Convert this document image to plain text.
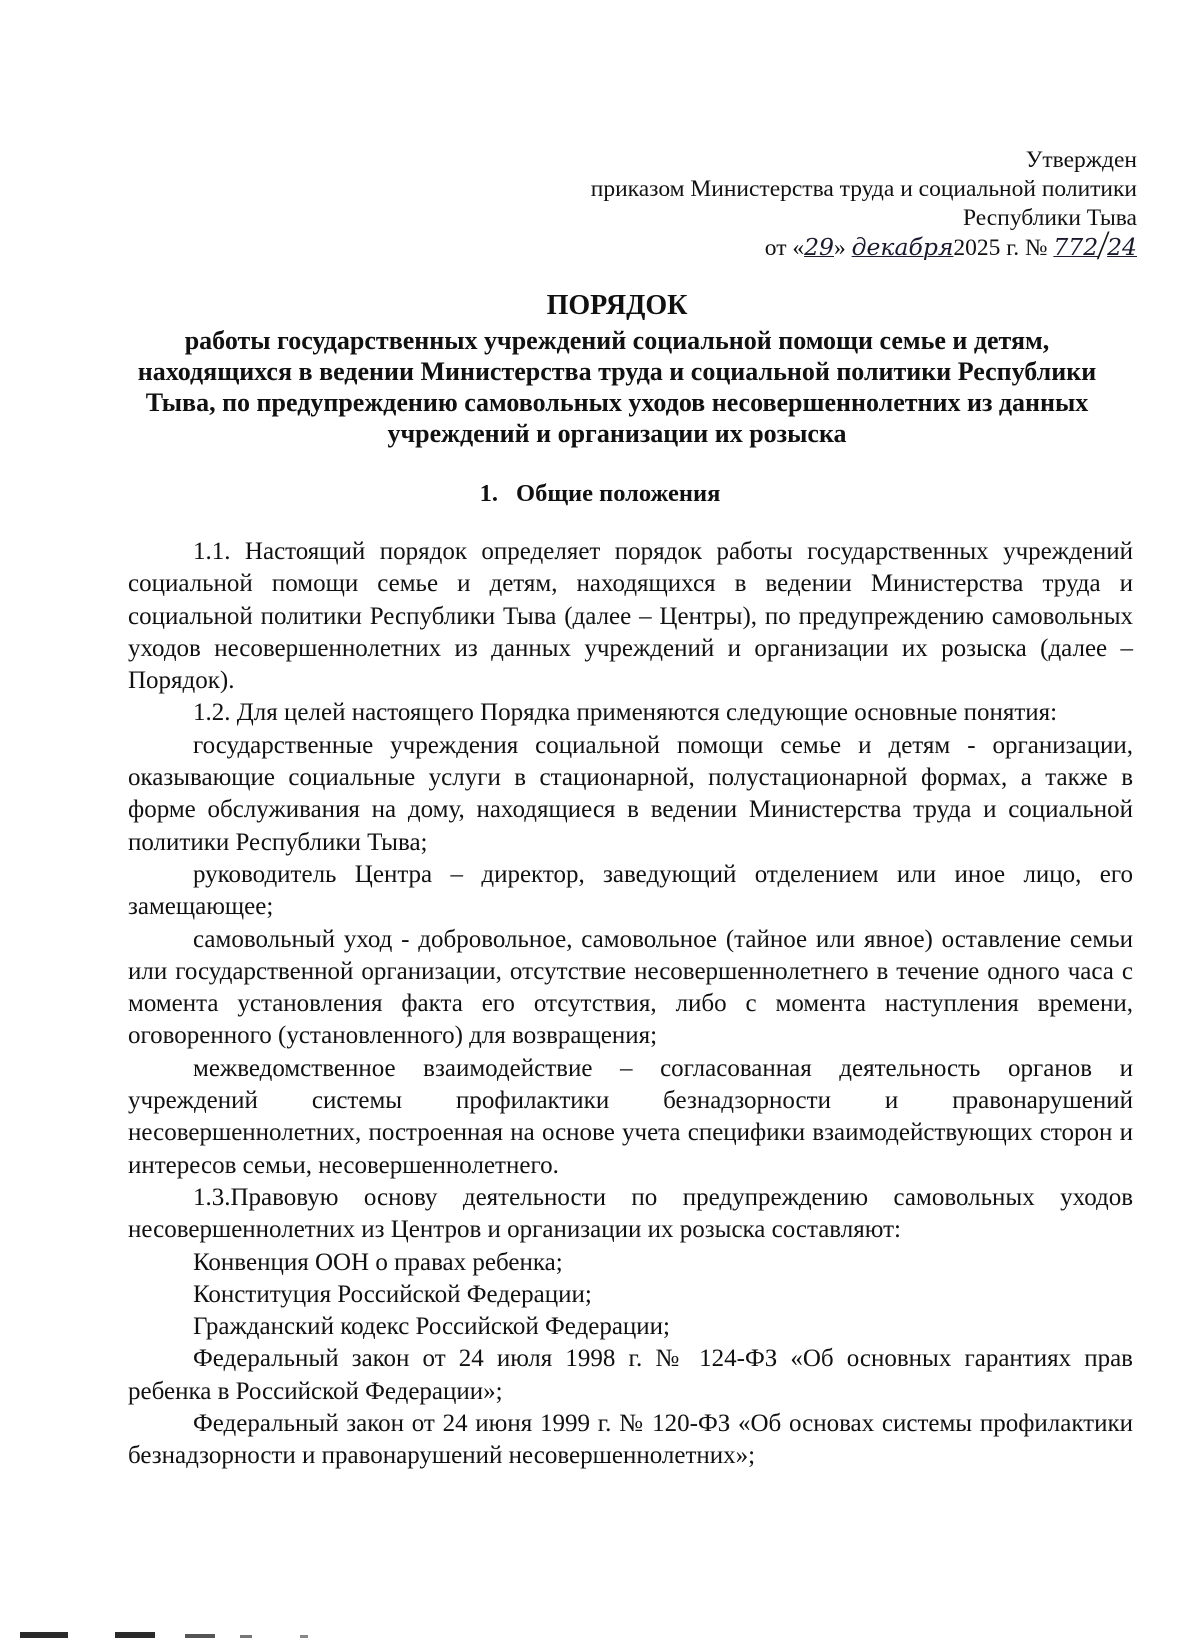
Утвержден
приказом Министерства труда и социальной политики
Республики Тыва
от «29» декабря2025 г. № 772/24
ПОРЯДОК
работы государственных учреждений социальной помощи семье и детям,
находящихся в ведении Министерства труда и социальной политики Республики
Тыва, по предупреждению самовольных уходов несовершеннолетних из данных
учреждений и организации их розыска
1. Общие положения

1.1. Настоящий порядок определяет порядок работы государственных учреждений социальной помощи семье и детям, находящихся в ведении Министерства труда и социальной политики Республики Тыва (далее – Центры), по предупреждению самовольных уходов несовершеннолетних из данных учреждений и организации их розыска (далее – Порядок).

1.2. Для целей настоящего Порядка применяются следующие основные понятия:

государственные учреждения социальной помощи семье и детям - организации, оказывающие социальные услуги в стационарной, полустационарной формах, а также в форме обслуживания на дому, находящиеся в ведении Министерства труда и социальной политики Республики Тыва;

руководитель Центра – директор, заведующий отделением или иное лицо, его замещающее;

самовольный уход - добровольное, самовольное (тайное или явное) оставление семьи или государственной организации, отсутствие несовершеннолетнего в течение одного часа с момента установления факта его отсутствия, либо с момента наступления времени, оговоренного (установленного) для возвращения;

межведомственное взаимодействие – согласованная деятельность органов и учреждений системы профилактики безнадзорности и правонарушений несовершеннолетних, построенная на основе учета специфики взаимодействующих сторон и интересов семьи, несовершеннолетнего.

1.3.Правовую основу деятельности по предупреждению самовольных уходов несовершеннолетних из Центров и организации их розыска составляют:

Конвенция ООН о правах ребенка;

Конституция Российской Федерации;

Гражданский кодекс Российской Федерации;

Федеральный закон от 24 июля 1998 г. № 124-ФЗ «Об основных гарантиях прав ребенка в Российской Федерации»;

Федеральный закон от 24 июня 1999 г. № 120-ФЗ «Об основах системы профилактики безнадзорности и правонарушений несовершеннолетних»;
